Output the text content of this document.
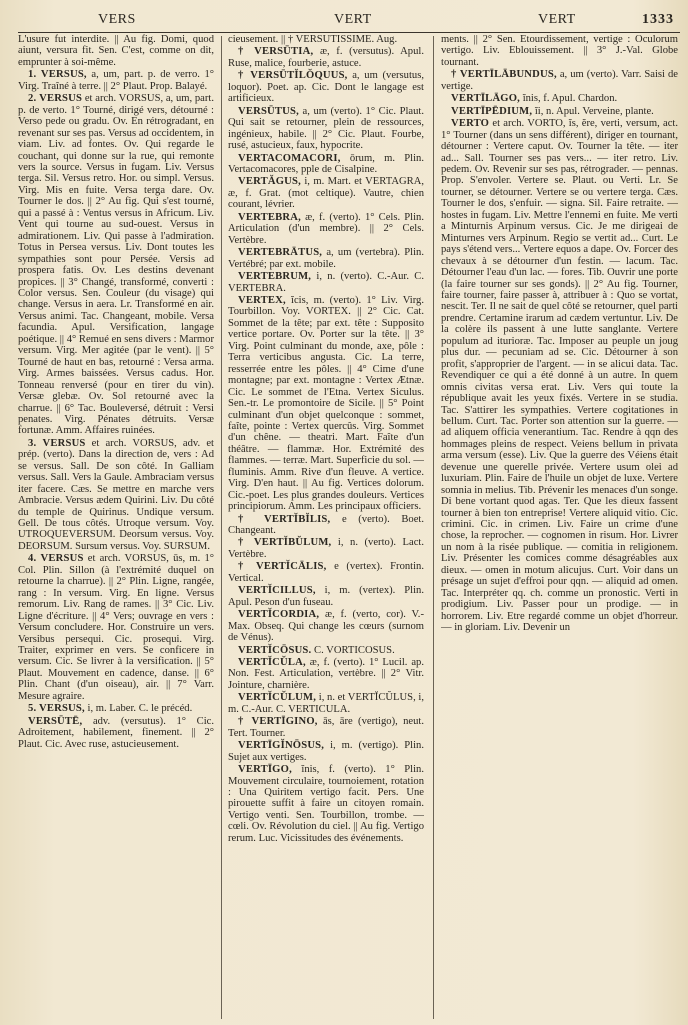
VERS	VERT	VERT	1333

L'usure fut interdite. || Au fig. Domi, quod aiunt, versura fit. Sen. C'est, comme on dit, emprunter à soi-même.

1. VERSUS, a, um, part. p. de verro. 1° Virg. Traîné à terre. || 2° Plaut. Prop. Balayé.

2. VERSUS et arch. VORSUS, a, um, part. p. de verto. 1° Tourné, dirigé vers, détourné : Verso pede ou gradu. Ov. En rétrogradant, en revenant sur ses pas. Versus ad occidentem, in viam. Liv. ad fontes. Ov. Qui regarde le couchant, qui donne sur la rue, qui remonte vers la source. Versus in fugam. Liv. Versus terga. Sil. Versus retro. Hor. ou simpl. Versus. Virg. Mis en fuite. Versa terga dare. Ov. Tourner le dos. || 2° Au fig. Qui s'est tourné, qui a passé à : Ventus versus in Africum. Liv. Vent qui tourne au sud-ouest. Versus in admirationem. Liv. Qui passe à l'admiration. Totus in Persea versus. Liv. Dont toutes les sympathies sont pour Persée. Versis ad prospera fatis. Ov. Les destins devenant propices. || 3° Changé, transformé, converti : Color versus. Sen. Couleur (du visage) qui change. Versus in aera. Lr. Transformé en air. Versus animi. Tac. Changeant, mobile. Versa facundia. Apul. Versification, langage poétique. || 4° Remué en sens divers : Marmor versum. Virg. Mer agitée (par le vent). || 5° Tourné de haut en bas, retourné : Versa arma. Virg. Armes baissées. Versus cadus. Hor. Tonneau renversé (pour en tirer du vin). Versæ glebæ. Ov. Sol retourné avec la charrue. || 6° Tac. Bouleversé, détruit : Versi penates. Virg. Pénates détruits. Versæ fortunæ. Amm. Affaires ruinées.

3. VERSUS et arch. VORSUS, adv. et prép. (verto). Dans la direction de, vers : Ad se versus. Sall. De son côté. In Galliam versus. Sall. Vers la Gaule. Ambraciam versus iter facere. Cæs. Se mettre en marche vers Ambracie. Versus ædem Quirini. Liv. Du côté du temple de Quirinus. Undique versum. Gell. De tous côtés. Utroque versum. Voy. UTROQUEVERSUM. Deorsum versus. Voy. DEORSUM. Sursum versus. Voy. SURSUM.

4. VERSUS et arch. VORSUS, ūs, m. 1° Col. Plin. Sillon (à l'extrémité duquel on retourne la charrue). || 2° Plin. Ligne, rangée, rang : In versum. Virg. En ligne. Versus remorum. Liv. Rang de rames. || 3° Cic. Liv. Ligne d'écriture. || 4° Vers; ouvrage en vers : Versum concludere. Hor. Construire un vers. Versibus persequi. Cic. prosequi. Virg. Traiter, exprimer en vers. Se conficere in versum. Cic. Se livrer à la versification. || 5° Plaut. Mouvement en cadence, danse. || 6° Plin. Chant (d'un oiseau), air. || 7° Varr. Mesure agraire.

5. VERSUS, i, m. Laber. C. le précéd.

VERSŪTĒ, adv. (versutus). 1° Cic. Adroitement, habilement, finement. || 2° Plaut. Cic. Avec ruse, astucieusement.

cieusement. || † VERSUTISSIME. Aug.

† VERSŪTIA, æ, f. (versutus). Apul. Ruse, malice, fourberie, astuce.

† VERSŪTĬLŎQUUS, a, um (versutus, loquor). Poet. ap. Cic. Dont le langage est artificieux.

VERSŪTUS, a, um (verto). 1° Cic. Plaut. Qui sait se retourner, plein de ressources, ingénieux, habile. || 2° Cic. Plaut. Fourbe, rusé, astucieux, faux, hypocrite.

VERTACOMACORI, ōrum, m. Plin. Vertacomacores, pple de Cisalpine.

VERTĂGUS, i, m. Mart. et VERTAGRA, æ, f. Grat. (mot celtique). Vautre, chien courant, lévrier.

VERTEBRA, æ, f. (verto). 1° Cels. Plin. Articulation (d'un membre). || 2° Cels. Vertèbre.

VERTEBRĀTUS, a, um (vertebra). Plin. Vertébré; par ext. mobile.

VERTEBRUM, i, n. (verto). C.-Aur. C. VERTEBRA.

VERTEX, ĭcis, m. (verto). 1° Liv. Virg. Tourbillon. Voy. VORTEX. || 2° Cic. Cat. Sommet de la tête; par ext. tête : Supposito vertice portare. Ov. Porter sur la tête. || 3° Virg. Point culminant du monde, axe, pôle : Terra verticibus angusta. Cic. La terre, resserrée entre les pôles. || 4° Cime d'une montagne; par ext. montagne : Vertex Ætnæ. Cic. Le sommet de l'Etna. Vertex Siculus. Sen.-tr. Le promontoire de Sicile. || 5° Point culminant d'un objet quelconque : sommet, faîte, pointe : Vertex quercûs. Virg. Sommet d'un chêne. — theatri. Mart. Faîte d'un théâtre. — flammæ. Hor. Extrémité des flammes. — terræ. Mart. Superficie du sol. — fluminis. Amm. Rive d'un fleuve. A vertice. Virg. D'en haut. || Au fig. Vertices dolorum. Cic.-poet. Les plus grandes douleurs. Vertices principiorum. Amm. Les principaux officiers.

† VERTĬBĬLIS, e (verto). Boet. Changeant.

† VERTĬBŬLUM, i, n. (verto). Lact. Vertèbre.

† VERTĬCĀLIS, e (vertex). Frontin. Vertical.

VERTĬCILLUS, i, m. (vertex). Plin. Apul. Peson d'un fuseau.

VERTĬCORDIA, æ, f. (verto, cor). V.-Max. Obseq. Qui change les cœurs (surnom de Vénus).

VERTĬCŌSUS. C. VORTICOSUS.

VERTĬCŬLA, æ, f. (verto). 1° Lucil. ap. Non. Fest. Articulation, vertèbre. || 2° Vitr. Jointure, charnière.

VERTĬCŬLUM, i, n. et VERTĬCŬLUS, i, m. C.-Aur. C. VERTICULA.

† VERTĪGINO, ās, āre (vertigo), neut. Tert. Tourner.

VERTĪGĬNŌSUS, i, m. (vertigo). Plin. Sujet aux vertiges.

VERTĪGO, ĭnis, f. (verto). 1° Plin. Mouvement circulaire, tournoiement, rotation : Una Quiritem vertigo facit. Pers. Une pirouette suffit à faire un citoyen romain. Vertigo venti. Sen. Tourbillon, trombe. — cœli. Ov. Révolution du ciel. || Au fig. Vertigo rerum. Luc. Vicissitudes des événements.

ments. || 2° Sen. Etourdissement, vertige : Oculorum vertigo. Liv. Eblouissement. || 3° J.-Val. Globe tournant.

† VERTĪLĀBUNDUS, a, um (verto). Varr. Saisi de vertige.

VERTĪLĀGO, ĭnis, f. Apul. Chardon.

VERTĪPĒDIUM, ĭi, n. Apul. Verveine, plante.

VERTO et arch. VORTO, ĭs, ĕre, verti, versum, act. 1° Tourner (dans un sens différent), diriger en tournant, détourner : Vertere caput. Ov. Tourner la tête. — iter ad... Sall. Tourner ses pas vers... — iter retro. Liv. pedem. Ov. Revenir sur ses pas, rétrograder. — pennas. Prop. S'envoler. Vertere se. Plaut. ou Verti. Lr. Se tourner, se détourner. Vertere se ou vertere terga. Cæs. Tourner le dos, s'enfuir. — signa. Sil. Faire retraite. — hostes in fugam. Liv. Mettre l'ennemi en fuite. Me verti a Minturnis Arpinum versus. Cic. Je me dirigeai de Minturnes vers Arpinum. Regio se vertit ad... Curt. Le pays s'étend vers... Vertere equos a dape. Ov. Forcer des chevaux à se détourner d'un festin. — lacum. Tac. Détourner l'eau d'un lac. — fores. Tib. Ouvrir une porte (la faire tourner sur ses gonds). || 2° Au fig. Tourner, faire tourner, faire passer à, attribuer à : Quo se vortat, nescit. Ter. Il ne sait de quel côté se retourner, quel parti prendre. Certamine irarum ad cædem vertuntur. Liv. De la colère ils passent à une lutte sanglante. Vertere populum ad iturioræ. Tac. Imposer au peuple un joug plus dur. — pecuniam ad se. Cic. Détourner à son profit, s'approprier de l'argent. — in se alicui data. Tac. Revendiquer ce qui a été donné à un autre. In quem omnis civitas versa erat. Liv. Vers qui toute la république avait les yeux fixés. Vertere in se studia. Tac. S'attirer les sympathies. Vertere cogitationes in bellum. Curt. Tac. Porter son attention sur la guerre. — ad aliquem officia venerantium. Tac. Rendre à qqn des hommages pleins de respect. Veiens bellum in privata arma versum (esse). Liv. Que la guerre des Véiens était devenue une querelle privée. Vertere usum olei ad luxuriam. Plin. Faire de l'huile un objet de luxe. Vertere somnia in melius. Tib. Prévenir les menaces d'un songe. Di bene vortant quod agas. Ter. Que les dieux fassent tourner à bien ton entreprise! Vertere aliquid vitio. Cic. crimini. Cic. in crimen. Liv. Faire un crime d'une chose, la reprocher. — cognomen in risum. Hor. Livrer un nom à la risée publique. — comitia in religionem. Liv. Présenter les comices comme désagréables aux dieux. — omen in motum alicujus. Curt. Voir dans un présage un sujet d'effroi pour qqn. — aliquid ad omen. Tac. Interpréter qq. ch. comme un pronostic. Verti in prodigium. Liv. Passer pour un prodige. — in horrorem. Liv. Etre regardé comme un objet d'horreur. — in gloriam. Liv. Devenir un
